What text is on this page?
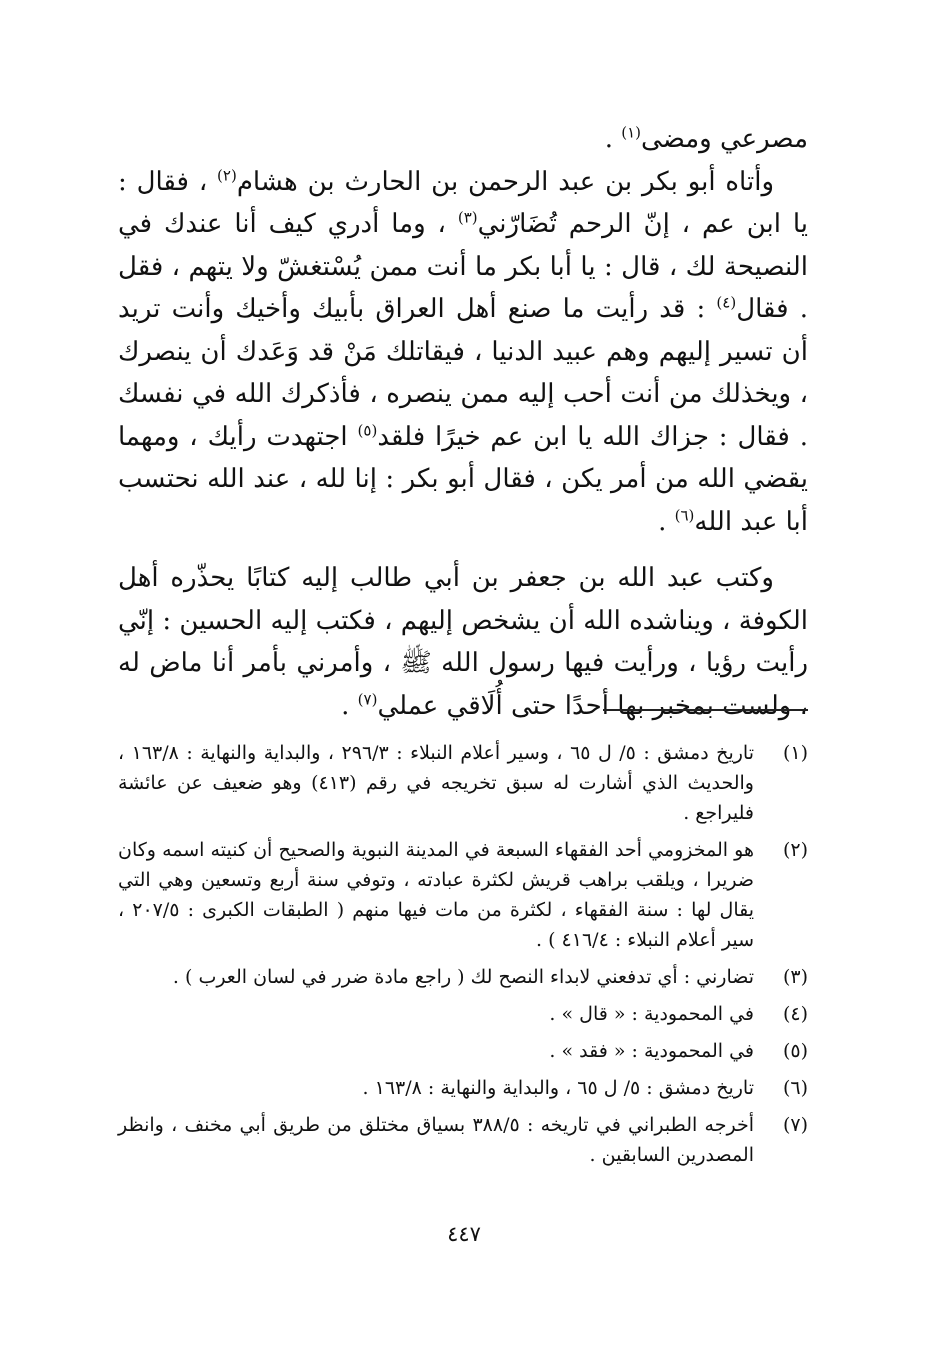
مصرعي ومضى$^{(١)}$ .

وأتاه أبو بكر بن عبد الرحمن بن الحارث بن هشام$^{(٢)}$ ، فقال : يا ابن عم ، إنّ الرحم تُضَارّني$^{(٣)}$ ، وما أدري كيف أنا عندك في النصيحة لك ، قال : يا أبا بكر ما أنت ممن يُسْتغشّ ولا يتهم ، فقل . فقال$^{(٤)}$ : قد رأيت ما صنع أهل العراق بأبيك وأخيك وأنت تريد أن تسير إليهم وهم عبيد الدنيا ، فيقاتلك مَنْ قد وَعَدك أن ينصرك ، ويخذلك من أنت أحب إليه ممن ينصره ، فأذكرك الله في نفسك . فقال : جزاك الله يا ابن عم خيرًا فلقد$^{(٥)}$ اجتهدت رأيك ، ومهما يقضي الله من أمر يكن ، فقال أبو بكر : إنا لله ، عند الله نحتسب أبا عبد الله$^{(٦)}$ .

وكتب عبد الله بن جعفر بن أبي طالب إليه كتابًا يحذّره أهل الكوفة ، ويناشده الله أن يشخص إليهم ، فكتب إليه الحسين : إنّي رأيت رؤيا ، ورأيت فيها رسول الله ﷺ ، وأمرني بأمر أنا ماض له ، ولست بمخبر بها أحدًا حتى أُلَاقي عملي$^{(٧)}$ .

(١)
تاريخ دمشق : ٥/ ل ٦٥ ، وسير أعلام النبلاء : ٢٩٦/٣ ، والبداية والنهاية : ١٦٣/٨ ، والحديث الذي أشارت له سبق تخريجه في رقم (٤١٣) وهو ضعيف عن عائشة فليراجع .
(٢)
هو المخزومي أحد الفقهاء السبعة في المدينة النبوية والصحيح أن كنيته اسمه وكان ضريرا ، ويلقب براهب قريش لكثرة عبادته ، وتوفي سنة أربع وتسعين وهي التي يقال لها : سنة الفقهاء ، لكثرة من مات فيها منهم ( الطبقات الكبرى : ٢٠٧/٥ ، سير أعلام النبلاء : ٤١٦/٤ ) .
(٣)
تضارني : أي تدفعني لابداء النصح لك ( راجع مادة ضرر في لسان العرب ) .
(٤)
في المحمودية : « قال » .
(٥)
في المحمودية : « فقد » .
(٦)
تاريخ دمشق : ٥/ ل ٦٥ ، والبداية والنهاية : ١٦٣/٨ .
(٧)
أخرجه الطبراني في تاريخه : ٣٨٨/٥ بسياق مختلق من طريق أبي مخنف ، وانظر المصدرين السابقين .
٤٤٧
